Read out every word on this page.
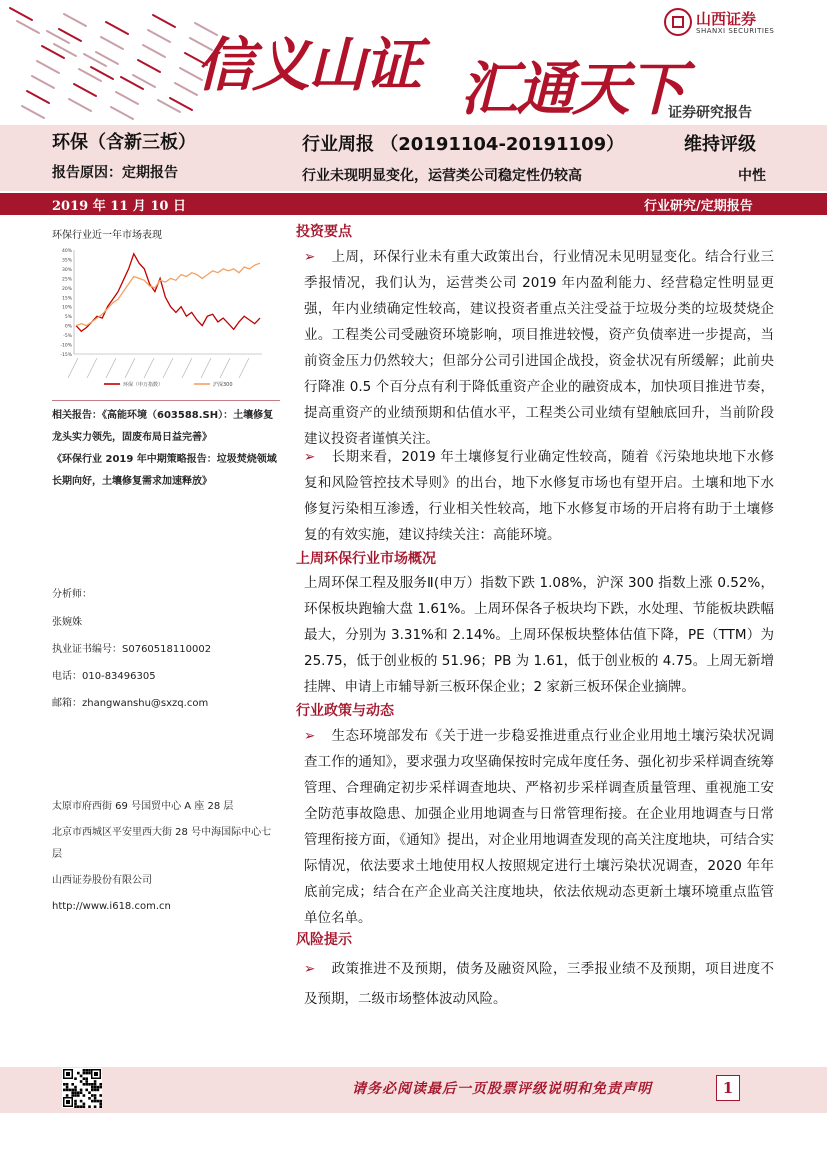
信义山证 汇通天下
山西证券
SHANXI SECURITIES
证券研究报告
环保（含新三板）
报告原因：定期报告
行业周报 （20191104-20191109）
行业未现明显变化，运营类公司稳定性仍较高
维持评级
中性
2019 年 11 月 10 日	行业研究/定期报告
环保行业近一年市场表现
40%
35%
30%
25%
20%
15%
10%
5%
0%
-5%
-10%
-15%
环保（申万指数）	沪深300

相关报告：《高能环境（603588.SH）：土壤修复龙头实力领先，固废布局日益完善》

《环保行业 2019 年中期策略报告：垃圾焚烧领域长期向好，土壤修复需求加速释放》

分析师：
张婉姝
执业证书编号：S0760518110002
电话：010-83496305
邮箱：zhangwanshu@sxzq.com

太原市府西街 69 号国贸中心 A 座 28 层

北京市西城区平安里西大街 28 号中海国际中心七层

山西证券股份有限公司

http://www.i618.com.cn

投资要点
➢ 上周，环保行业未有重大政策出台，行业情况未见明显变化。结合行业三季报情况，我们认为，运营类公司 2019 年内盈利能力、经营稳定性明显更强，年内业绩确定性较高，建议投资者重点关注受益于垃圾分类的垃圾焚烧企业。工程类公司受融资环境影响，项目推进较慢，资产负债率进一步提高，当前资金压力仍然较大；但部分公司引进国企战投，资金状况有所缓解；此前央行降准 0.5 个百分点有利于降低重资产企业的融资成本，加快项目推进节奏，提高重资产的业绩预期和估值水平，工程类公司业绩有望触底回升，当前阶段建议投资者谨慎关注。
➢ 长期来看，2019 年土壤修复行业确定性较高，随着《污染地块地下水修复和风险管控技术导则》的出台，地下水修复市场也有望开启。土壤和地下水修复污染相互渗透，行业相关性较高，地下水修复市场的开启将有助于土壤修复的有效实施，建议持续关注：高能环境。
上周环保行业市场概况
上周环保工程及服务Ⅱ(申万）指数下跌 1.08%，沪深 300 指数上涨 0.52%，环保板块跑输大盘 1.61%。上周环保各子板块均下跌，水处理、节能板块跌幅最大，分别为 3.31%和 2.14%。上周环保板块整体估值下降，PE（TTM）为 25.75，低于创业板的 51.96；PB 为 1.61，低于创业板的 4.75。上周无新增挂牌、申请上市辅导新三板环保企业；2 家新三板环保企业摘牌。
行业政策与动态
➢ 生态环境部发布《关于进一步稳妥推进重点行业企业用地土壤污染状况调查工作的通知》，要求强力攻坚确保按时完成年度任务、强化初步采样调查统筹管理、合理确定初步采样调查地块、严格初步采样调查质量管理、重视施工安全防范事故隐患、加强企业用地调查与日常管理衔接。在企业用地调查与日常管理衔接方面，《通知》提出，对企业用地调查发现的高关注度地块，可结合实际情况，依法要求土地使用权人按照规定进行土壤污染状况调查，2020 年年底前完成；结合在产企业高关注度地块，依法依规动态更新土壤环境重点监管单位名单。
风险提示
➢ 政策推进不及预期，债务及融资风险，三季报业绩不及预期，项目进度不及预期，二级市场整体波动风险。
请务必阅读最后一页股票评级说明和免责声明	1
